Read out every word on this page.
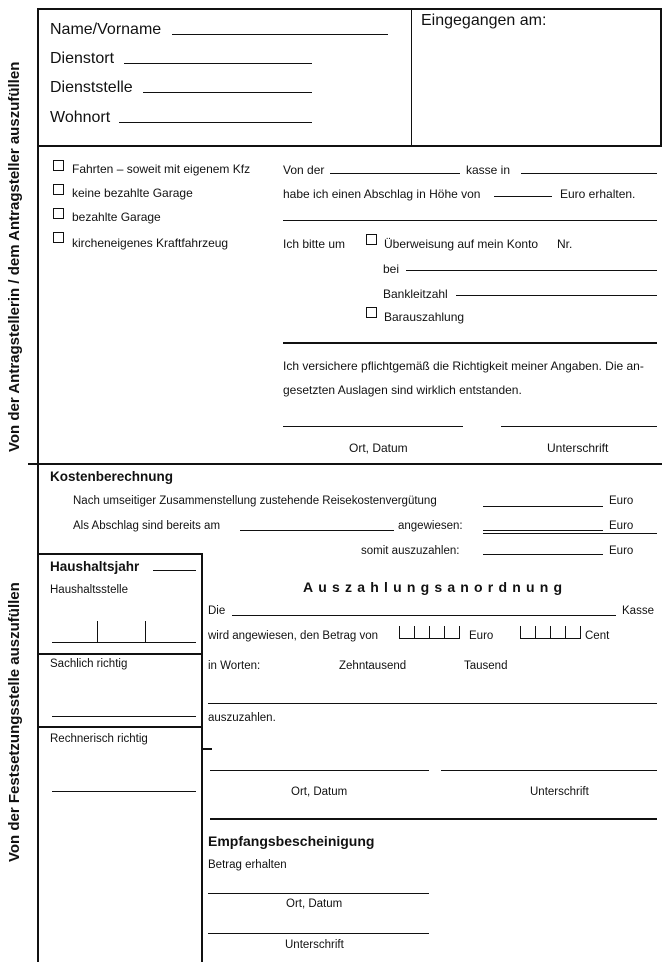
Von der Antragstellerin / dem Antragsteller auszufüllen
Von der Festsetzungsstelle auszufüllen
Name/Vorname
Dienstort
Dienststelle
Wohnort
Eingegangen am:
Fahrten – soweit mit eigenem Kfz
keine bezahlte Garage
bezahlte Garage
kircheneigenes Kraftfahrzeug
Von der	kasse in
habe ich einen Abschlag in Höhe von	Euro erhalten.
Ich bitte um	Überweisung auf mein Konto Nr.
bei
Bankleitzahl
Barauszahlung
Ich versichere pflichtgemäß die Richtigkeit meiner Angaben. Die an-
gesetzten Auslagen sind wirklich entstanden.
Ort, Datum	Unterschrift
Kostenberechnung
Nach umseitiger Zusammenstellung zustehende Reisekostenvergütung	Euro
Als Abschlag sind bereits am	angewiesen:	Euro
somit auszuzahlen:	Euro
Haushaltsjahr
Haushaltsstelle
Sachlich richtig
Rechnerisch richtig
Auszahlungsanordnung
Die	Kasse
wird angewiesen, den Betrag von	Euro	Cent
in Worten:	Zehntausend	Tausend
auszuzahlen.
Ort, Datum	Unterschrift
Empfangsbescheinigung
Betrag erhalten
Ort, Datum
Unterschrift
